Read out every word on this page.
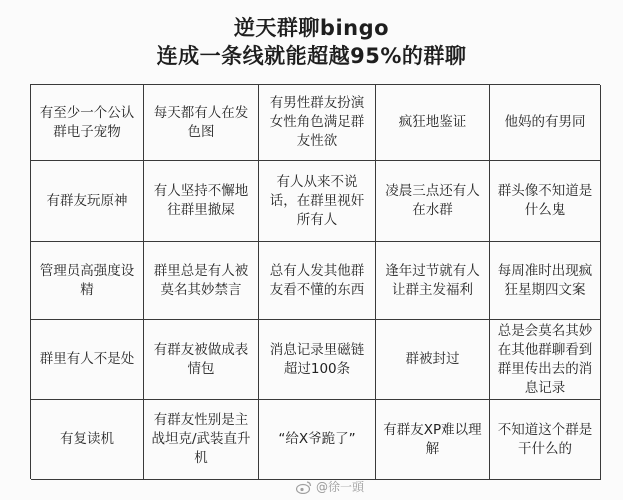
逆天群聊bingo
连成一条线就能超越95%的群聊
有至少一个公认群电子宠物
每天都有人在发色图
有男性群友扮演女性角色满足群友性欲
疯狂地鉴证	他妈的有男同
有群友玩原神
有人坚持不懈地往群里撤屎
有人从来不说话，在群里视奸所有人
凌晨三点还有人在水群
群头像不知道是什么鬼
管理员高强度设精
群里总是有人被莫名其妙禁言
总有人发其他群友看不懂的东西
逢年过节就有人让群主发福利
每周准时出现疯狂星期四文案
群里有人不是处
有群友被做成表情包
消息记录里磁链超过100条
群被封过
总是会莫名其妙在其他群聊看到群里传出去的消息记录
有复读机
有群友性别是主战坦克/武装直升机
“给X爷跪了”
有群友XP难以理解
不知道这个群是干什么的
@徐一頭
